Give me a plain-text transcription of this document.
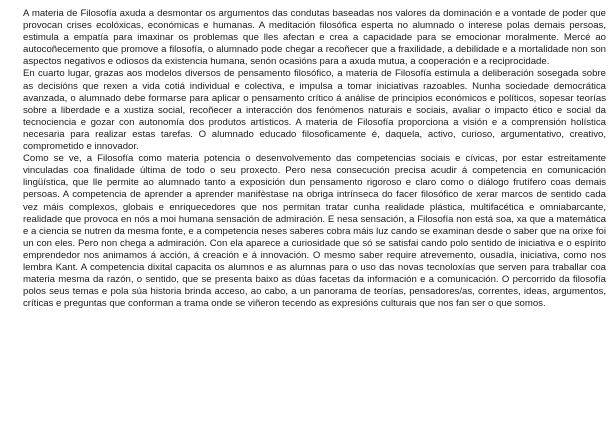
A materia de Filosofía axuda a desmontar os argumentos das condutas baseadas nos valores da dominación e a vontade de poder que provocan crises ecolóxicas, económicas e humanas. A meditación filosófica esperta no alumnado o interese polas demais persoas, estimula a empatía para imaxinar os problemas que lles afectan e crea a capacidade para se emocionar moralmente. Mercé ao autocoñecemento que promove a filosofía, o alumnado pode chegar a recoñecer que a fraxilidade, a debilidade e a mortalidade non son aspectos negativos e odiosos da existencia humana, senón ocasións para a axuda mutua, a cooperación e a reciprocidade.

En cuarto lugar, grazas aos modelos diversos de pensamento filosófico, a materia de Filosofía estimula a deliberación sosegada sobre as decisións que rexen a vida cotiá individual e colectiva, e impulsa a tomar iniciativas razoables. Nunha sociedade democrática avanzada, o alumnado debe formarse para aplicar o pensamento crítico á análise de principios económicos e políticos, sopesar teorías sobre a liberdade e a xustiza social, recoñecer a interacción dos fenómenos naturais e sociais, avaliar o impacto ético e social da tecnociencia e gozar con autonomía dos produtos artísticos. A materia de Filosofía proporciona a visión e a comprensión holística necesaria para realizar estas tarefas. O alumnado educado filosoficamente é, daquela, activo, curioso, argumentativo, creativo, comprometido e innovador.

Como se ve, a Filosofía como materia potencia o desenvolvemento das competencias sociais e cívicas, por estar estreitamente vinculadas coa finalidade última de todo o seu proxecto. Pero nesa consecución precisa acudir á competencia en comunicación lingüística, que lle permite ao alumnado tanto a exposición dun pensamento rigoroso e claro como o diálogo frutífero coas demais persoas. A competencia de aprender a aprender manifèstase na obriga intrínseca do facer filosófico de xerar marcos de sentido cada vez máis complexos, globais e enriquecedores que nos permitan tratar cunha realidade plástica, multifacética e omniabarcante, realidade que provoca en nós a moi humana sensación de admiración. E nesa sensación, a Filosofía non está soa, xa que a matemática e a ciencia se nutren da mesma fonte, e a competencia neses saberes cobra máis luz cando se examinan desde o saber que na orixe foi un con eles. Pero non chega a admiración. Con ela aparece a curiosidade que só se satisfai cando polo sentido de iniciativa e o espírito emprendedor nos animamos á acción, á creación e á innovación. O mesmo saber require atrevemento, ousadía, iniciativa, como nos lembra Kant. A competencia dixital capacita os alumnos e as alumnas para o uso das novas tecnoloxías que serven para traballar coa materia mesma da razón, o sentido, que se presenta baixo as dúas facetas da información e a comunicación. O percorrido da filosofía polos seus temas e pola súa historia brinda acceso, ao cabo, a un panorama de teorías, pensadores/as, correntes, ideas, argumentos, críticas e preguntas que conforman a trama onde se viñeron tecendo as expresións culturais que nos fan ser o que somos.
